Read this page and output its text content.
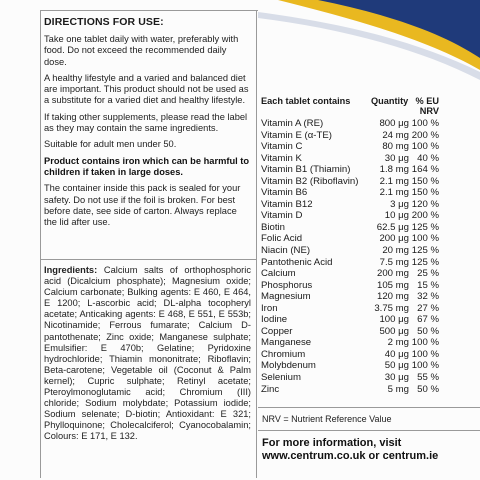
DIRECTIONS FOR USE:

Take one tablet daily with water, preferably with food. Do not exceed the recommended daily dose.

A healthy lifestyle and a varied and balanced diet are important. This product should not be used as a substitute for a varied diet and healthy lifestyle.

If taking other supplements, please read the label as they may contain the same ingredients.

Suitable for adult men under 50.

Product contains iron which can be harmful to children if taken in large doses.

The container inside this pack is sealed for your safety. Do not use if the foil is broken. For best before date, see side of carton. Always replace the lid after use.

Ingredients: Calcium salts of orthophosphoric acid (Dicalcium phosphate); Magnesium oxide; Calcium carbonate; Bulking agents: E 460, E 464, E 1200; L-ascorbic acid; DL-alpha tocopheryl acetate; Anticaking agents: E 468, E 551, E 553b; Nicotinamide; Ferrous fumarate; Calcium D-pantothenate; Zinc oxide; Manganese sulphate; Emulsifier: E 470b; Gelatine; Pyridoxine hydrochloride; Thiamin mononitrate; Riboflavin; Beta-carotene; Vegetable oil (Coconut & Palm kernel); Cupric sulphate; Retinyl acetate; Pteroylmonoglutamic acid; Chromium (III) chloride; Sodium molybdate; Potassium iodide; Sodium selenate; D-biotin; Antioxidant: E 321; Phylloquinone; Cholecalciferol; Cyanocobalamin; Colours: E 171, E 132.
Each tablet contains Quantity % EU
NRV
Vitamin A (RE)	800 μg 100 %
Vitamin E (α-TE)	24 mg 200 %
Vitamin C	80 mg 100 %
Vitamin K	30 μg 40 %
Vitamin B1 (Thiamin)	1.8 mg 164 %
Vitamin B2 (Riboflavin)	2.1 mg 150 %
Vitamin B6	2.1 mg 150 %
Vitamin B12	3 μg 120 %
Vitamin D	10 μg 200 %
Biotin	62.5 μg 125 %
Folic Acid	200 μg 100 %
Niacin (NE)	20 mg 125 %
Pantothenic Acid	7.5 mg 125 %
Calcium	200 mg 25 %
Phosphorus	105 mg 15 %
Magnesium	120 mg 32 %
Iron	3.75 mg 27 %
Iodine	100 μg 67 %
Copper	500 μg 50 %
Manganese	2 mg 100 %
Chromium	40 μg 100 %
Molybdenum	50 μg 100 %
Selenium	30 μg 55 %
Zinc	5 mg 50 %
NRV = Nutrient Reference Value
For more information, visit
www.centrum.co.uk or centrum.ie
